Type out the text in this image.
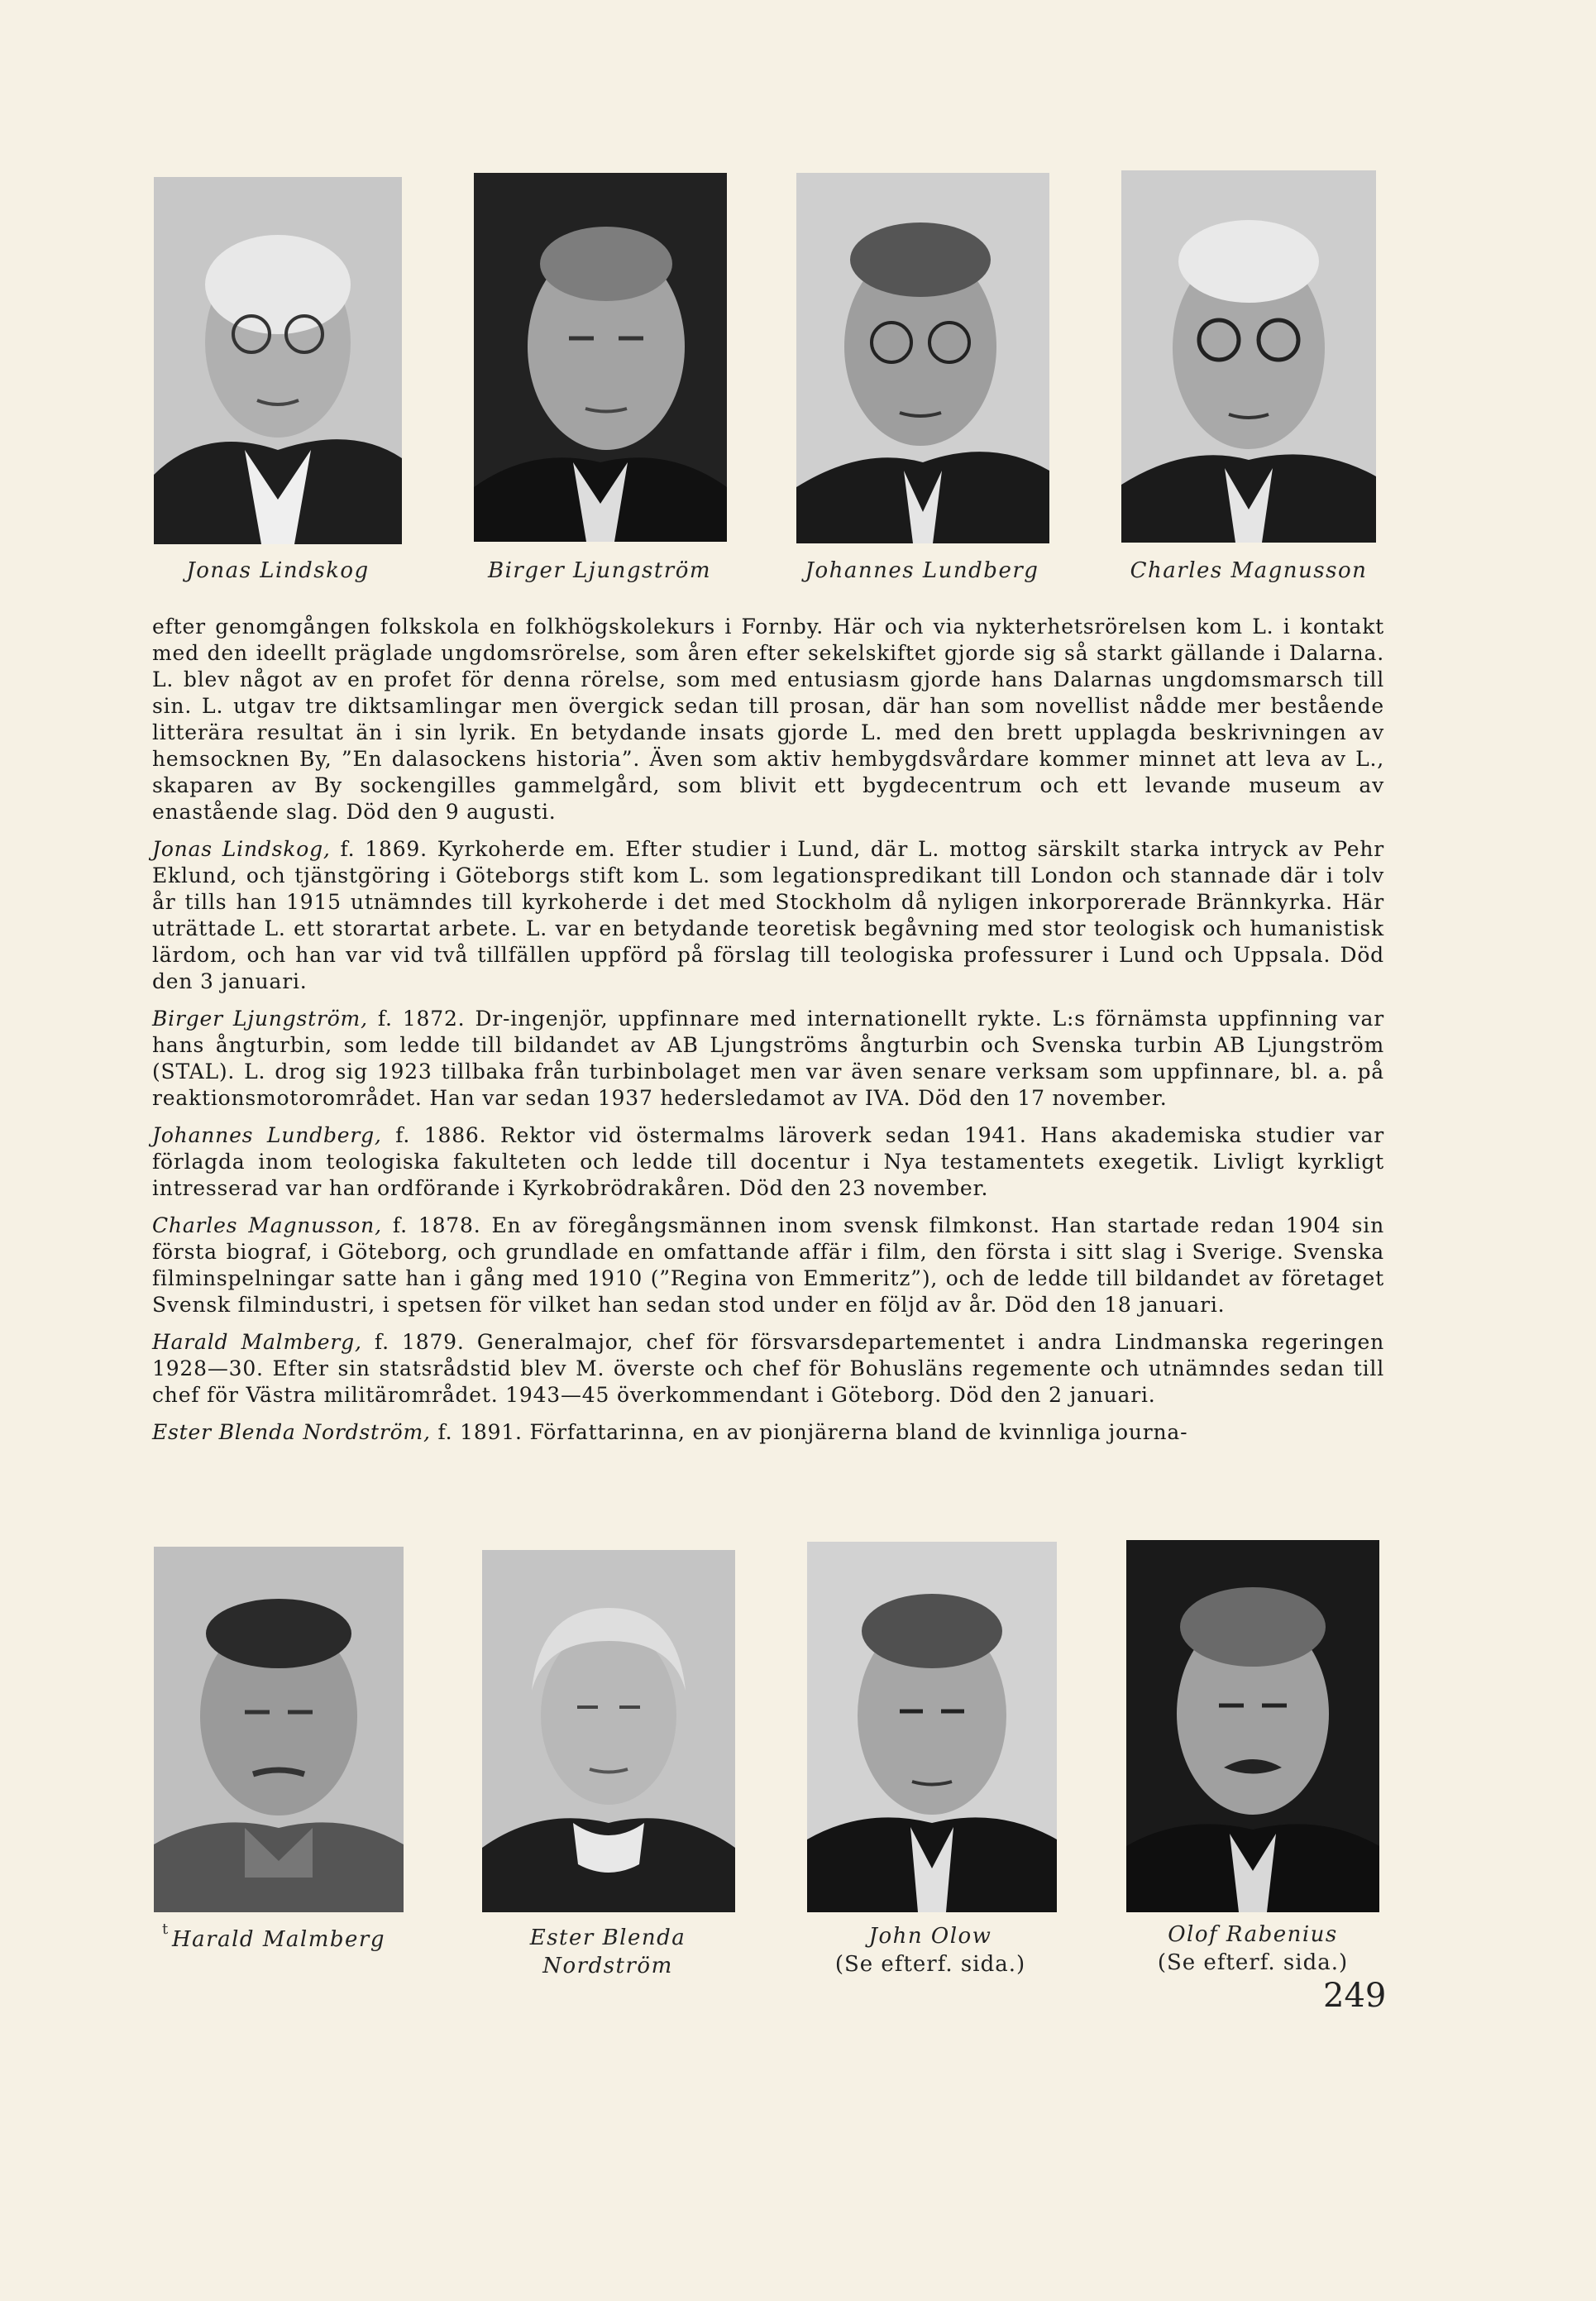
Jonas Lindskog	Birger Ljungström	Johannes Lundberg	Charles Magnusson

efter genomgången folkskola en folkhögskolekurs i Fornby. Här och via nykterhetsrörelsen kom L. i kontakt med den ideellt präglade ungdomsrörelse, som åren efter sekelskiftet gjorde sig så starkt gällande i Dalarna. L. blev något av en profet för denna rörelse, som med entusiasm gjorde hans Dalarnas ungdomsmarsch till sin. L. utgav tre diktsamlingar men övergick sedan till prosan, där han som novellist nådde mer bestående litterära resultat än i sin lyrik. En betydande insats gjorde L. med den brett upplagda beskrivningen av hemsocknen By, ”En dalasockens historia”. Även som aktiv hembygdsvårdare kommer minnet att leva av L., skaparen av By sockengilles gammelgård, som blivit ett bygdecentrum och ett levande museum av enastående slag. Död den 9 augusti.

Jonas Lindskog, f. 1869. Kyrkoherde em. Efter studier i Lund, där L. mottog särskilt starka intryck av Pehr Eklund, och tjänstgöring i Göteborgs stift kom L. som legationspredikant till London och stannade där i tolv år tills han 1915 utnämndes till kyrkoherde i det med Stockholm då nyligen inkorporerade Brännkyrka. Här uträttade L. ett storartat arbete. L. var en betydande teoretisk begåvning med stor teologisk och humanistisk lärdom, och han var vid två tillfällen uppförd på förslag till teologiska professurer i Lund och Uppsala. Död den 3 januari.

Birger Ljungström, f. 1872. Dr-ingenjör, uppfinnare med internationellt rykte. L:s förnämsta uppfinning var hans ångturbin, som ledde till bildandet av AB Ljungströms ångturbin och Svenska turbin AB Ljungström (STAL). L. drog sig 1923 tillbaka från turbinbolaget men var även senare verksam som uppfinnare, bl. a. på reaktionsmotorområdet. Han var sedan 1937 hedersledamot av IVA. Död den 17 november.

Johannes Lundberg, f. 1886. Rektor vid östermalms läroverk sedan 1941. Hans akademiska studier var förlagda inom teologiska fakulteten och ledde till docentur i Nya testamentets exegetik. Livligt kyrkligt intresserad var han ordförande i Kyrkobrödrakåren. Död den 23 november.

Charles Magnusson, f. 1878. En av föregångsmännen inom svensk filmkonst. Han startade redan 1904 sin första biograf, i Göteborg, och grundlade en omfattande affär i film, den första i sitt slag i Sverige. Svenska filminspelningar satte han i gång med 1910 (”Regina von Emmeritz”), och de ledde till bildandet av företaget Svensk filmindustri, i spetsen för vilket han sedan stod under en följd av år. Död den 18 januari.

Harald Malmberg, f. 1879. Generalmajor, chef för försvarsdepartementet i andra Lindmanska regeringen 1928—30. Efter sin statsrådstid blev M. överste och chef för Bohusläns regemente och utnämndes sedan till chef för Västra militärområdet. 1943—45 överkommendant i Göteborg. Död den 2 januari.

Ester Blenda Nordström, f. 1891. Författarinna, en av pionjärerna bland de kvinnliga journa-

t Harald Malmberg	Ester Blenda
Nordström
John Olow
(Se efterf. sida.)
Olof Rabenius
(Se efterf. sida.)
249
